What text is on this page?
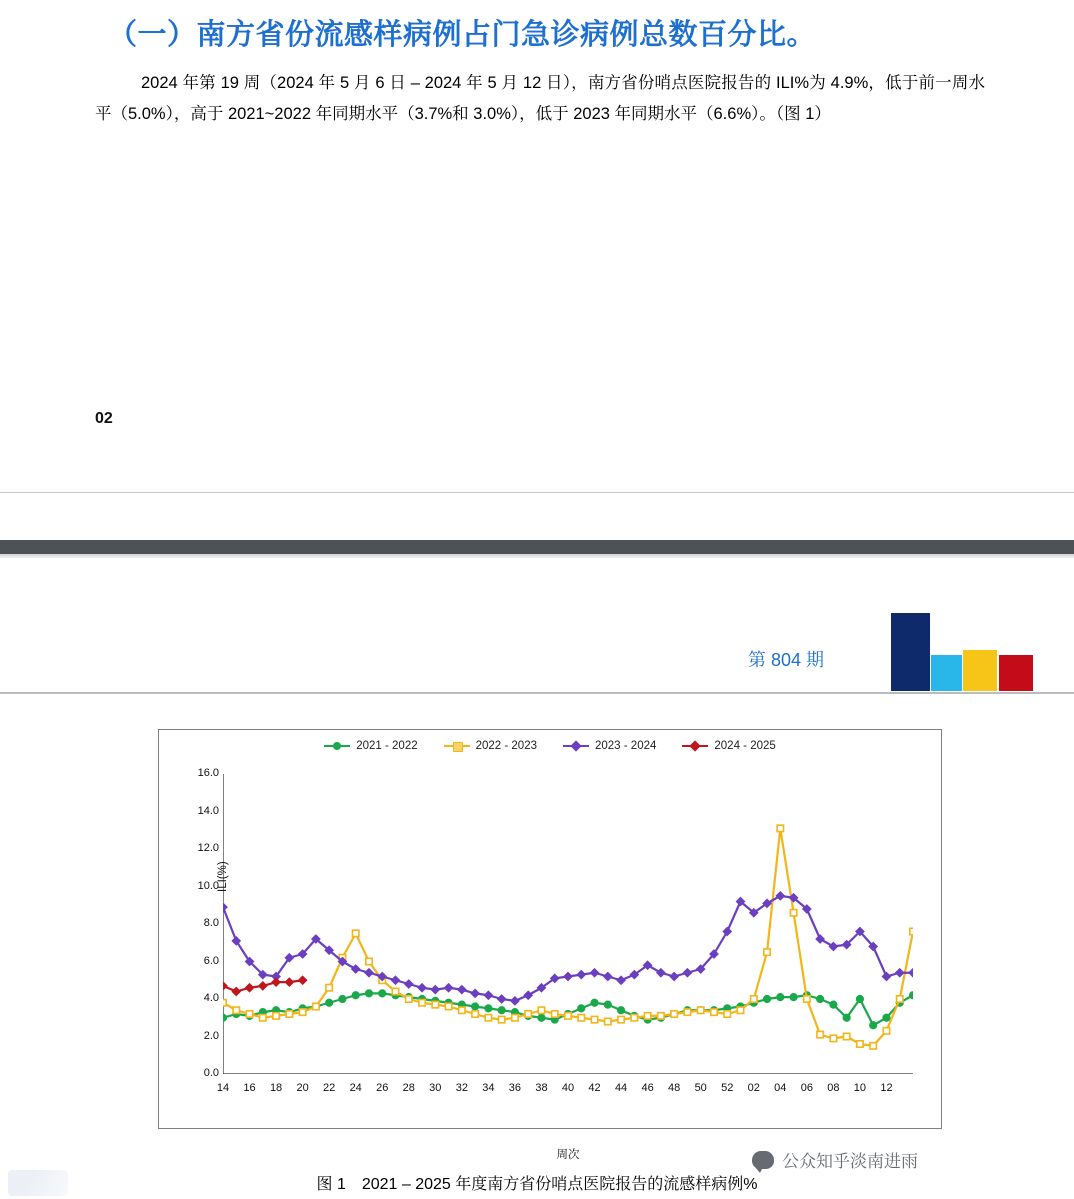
（一）南方省份流感样病例占门急诊病例总数百分比。
2024 年第 19 周（2024 年 5 月 6 日 – 2024 年 5 月 12 日），南方省份哨点医院报告的 ILI%为 4.9%，低于前一周水平（5.0%），高于 2021~2022 年同期水平（3.7%和 3.0%），低于 2023 年同期水平（6.6%）。（图 1）
02
第 804 期
2021 - 2022	2022 - 2023	2023 - 2024	2024 - 2025
ILI(%)
周次
0.0
2.0
4.0
6.0
8.0
10.0
12.0
14.0
16.0
14	16	18	20	22	24	26	28	30	32	34	36	38	40	42	44	46	48	50	52	02	04	06	08	10	12
图 1　2021 – 2025 年度南方省份哨点医院报告的流感样病例%
公众知乎淡南进雨
